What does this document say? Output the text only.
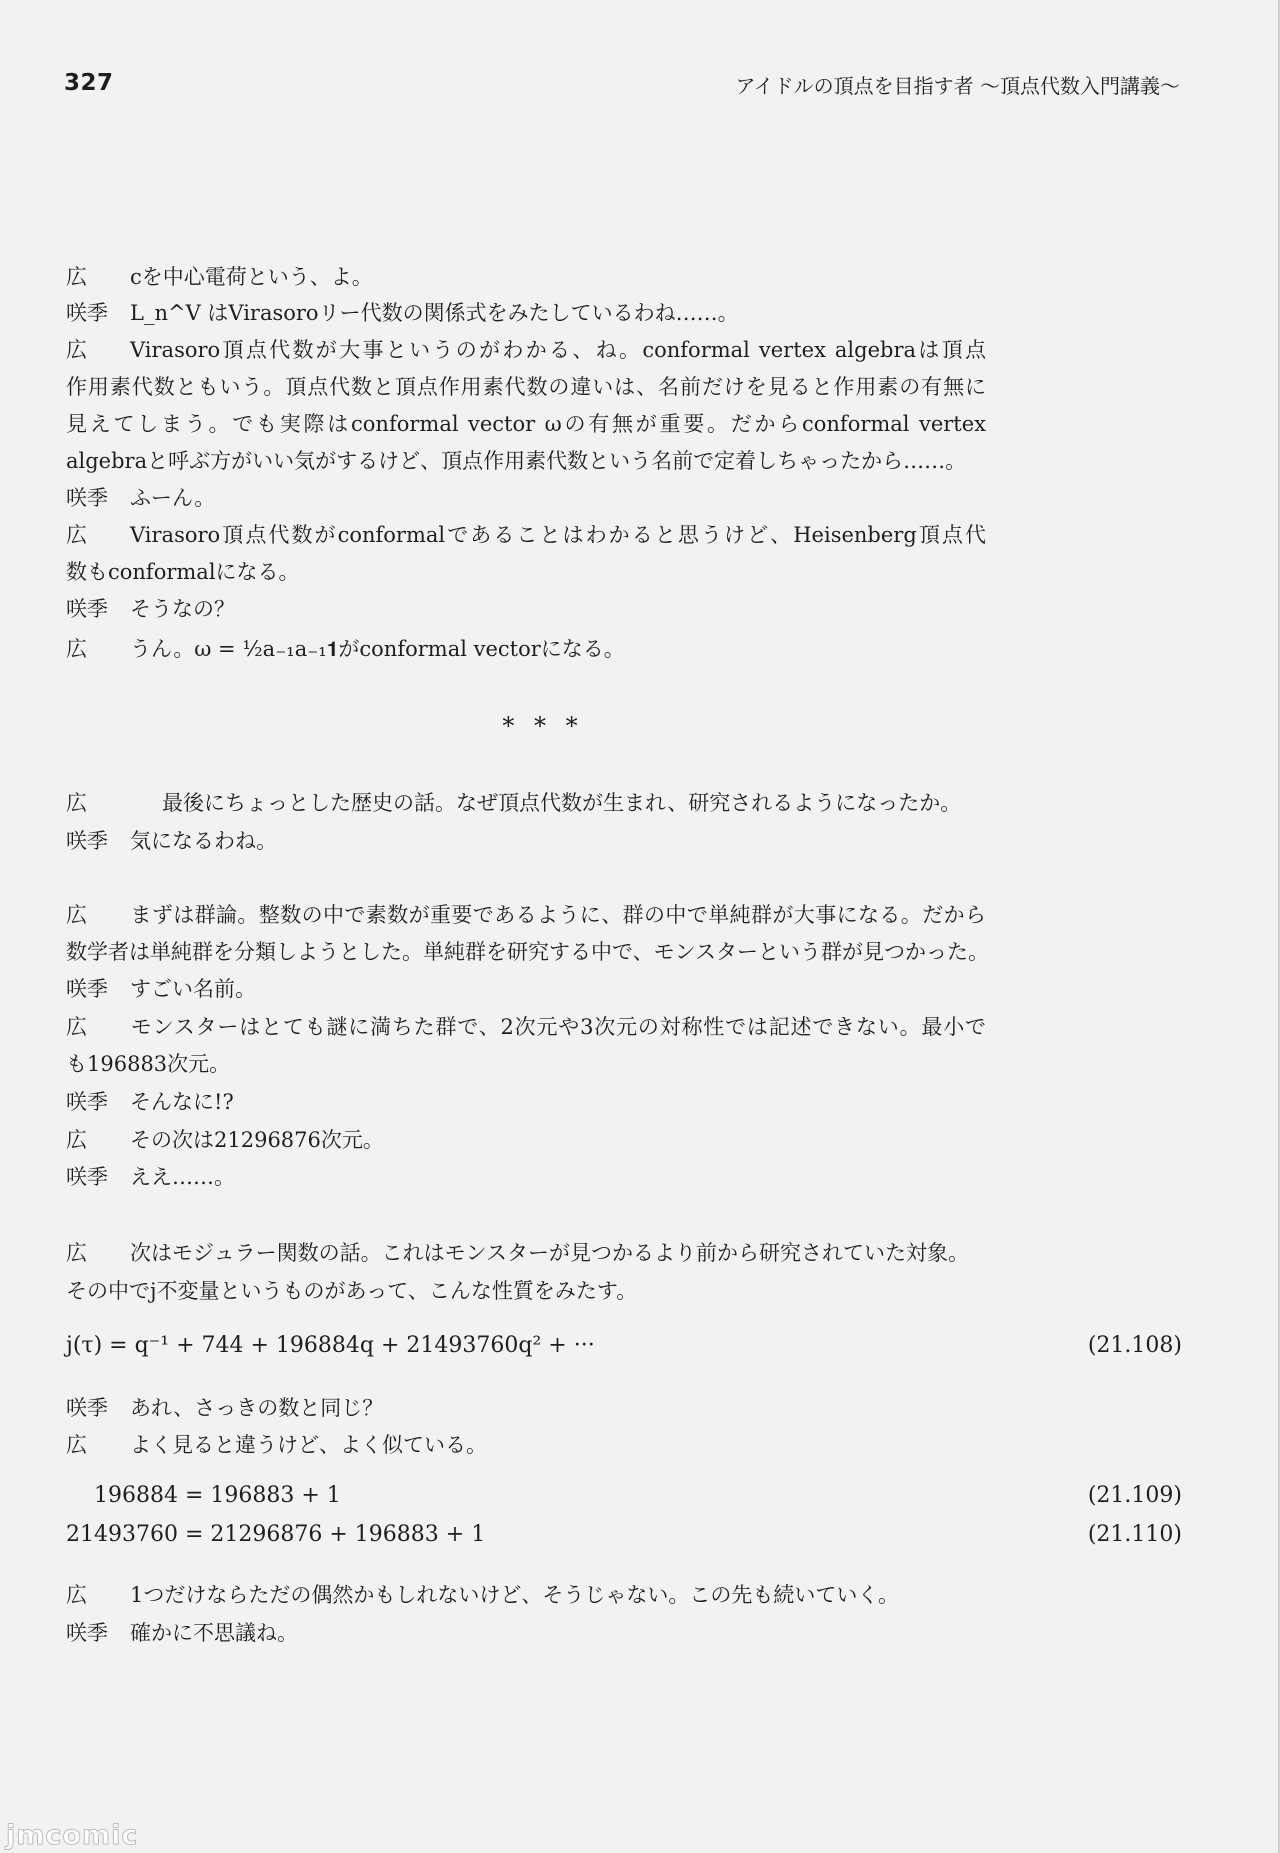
327	アイドルの頂点を目指す者 〜頂点代数入門講義〜
広 cを中心電荷という、よ。
咲季 L_n^V はVirasoroリー代数の関係式をみたしているわね……。
広 Virasoro頂点代数が大事というのがわかる、ね。conformal vertex algebraは頂点
作用素代数ともいう。頂点代数と頂点作用素代数の違いは、名前だけを見ると作用素の有無に
見えてしまう。でも実際はconformal vector ωの有無が重要。だからconformal vertex
algebraと呼ぶ方がいい気がするけど、頂点作用素代数という名前で定着しちゃったから……。
咲季 ふーん。
広 Virasoro頂点代数がconformalであることはわかると思うけど、Heisenberg頂点代
数もconformalになる。
咲季 そうなの？
広 うん。ω = ½a₋₁a₋₁𝟏がconformal vectorになる。
* * *
広	最後にちょっとした歴史の話。なぜ頂点代数が生まれ、研究されるようになったか。
咲季 気になるわね。
広 まずは群論。整数の中で素数が重要であるように、群の中で単純群が大事になる。だから
数学者は単純群を分類しようとした。単純群を研究する中で、モンスターという群が見つかった。
咲季 すごい名前。
広 モンスターはとても謎に満ちた群で、2次元や3次元の対称性では記述できない。最小で
も196883次元。
咲季 そんなに!?
広 その次は21296876次元。
咲季 ええ……。
広 次はモジュラー関数の話。これはモンスターが見つかるより前から研究されていた対象。
その中でj不変量というものがあって、こんな性質をみたす。
j(τ) = q⁻¹ + 744 + 196884q + 21493760q² + ···	(21.108)
咲季 あれ、さっきの数と同じ？
広 よく見ると違うけど、よく似ている。
196884 = 196883 + 1	(21.109)
21493760 = 21296876 + 196883 + 1	(21.110)
広 1つだけならただの偶然かもしれないけど、そうじゃない。この先も続いていく。
咲季 確かに不思議ね。
jmcomic
